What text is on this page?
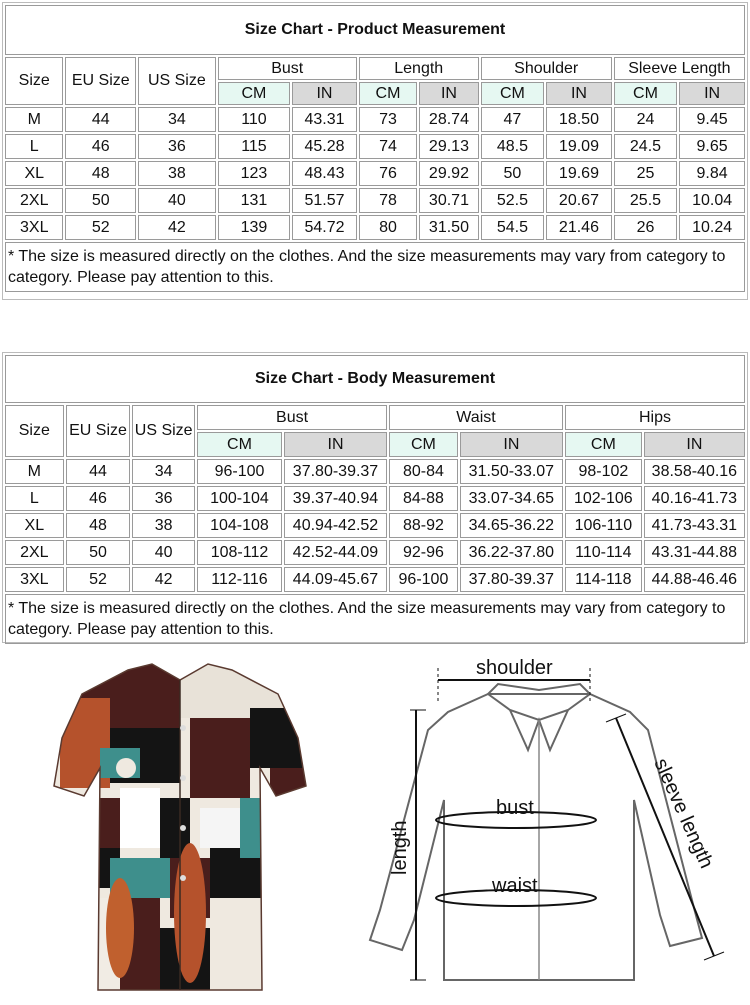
Size Chart - Product Measurement										
Size	EU Size	US Size	Bust		Length		Shoulder		Sleeve Length	
			CM	IN	CM	IN	CM	IN	CM	IN
M	44	34	110	43.31	73	28.74	47	18.50	24	9.45
L	46	36	115	45.28	74	29.13	48.5	19.09	24.5	9.65
XL	48	38	123	48.43	76	29.92	50	19.69	25	9.84
2XL	50	40	131	51.57	78	30.71	52.5	20.67	25.5	10.04
3XL	52	42	139	54.72	80	31.50	54.5	21.46	26	10.24
* The size is measured directly on the clothes. And the size measurements may vary from category to category. Please pay attention to this.										
Size Chart - Body Measurement								
Size	EU Size	US Size	Bust		Waist		Hips	
			CM	IN	CM	IN	CM	IN
M	44	34	96-100	37.80-39.37	80-84	31.50-33.07	98-102	38.58-40.16
L	46	36	100-104	39.37-40.94	84-88	33.07-34.65	102-106	40.16-41.73
XL	48	38	104-108	40.94-42.52	88-92	34.65-36.22	106-110	41.73-43.31
2XL	50	40	108-112	42.52-44.09	92-96	36.22-37.80	110-114	43.31-44.88
3XL	52	42	112-116	44.09-45.67	96-100	37.80-39.37	114-118	44.88-46.46
* The size is measured directly on the clothes. And the size measurements may vary from category to category. Please pay attention to this.								
shoulder
bust
waist
length	sleeve length
